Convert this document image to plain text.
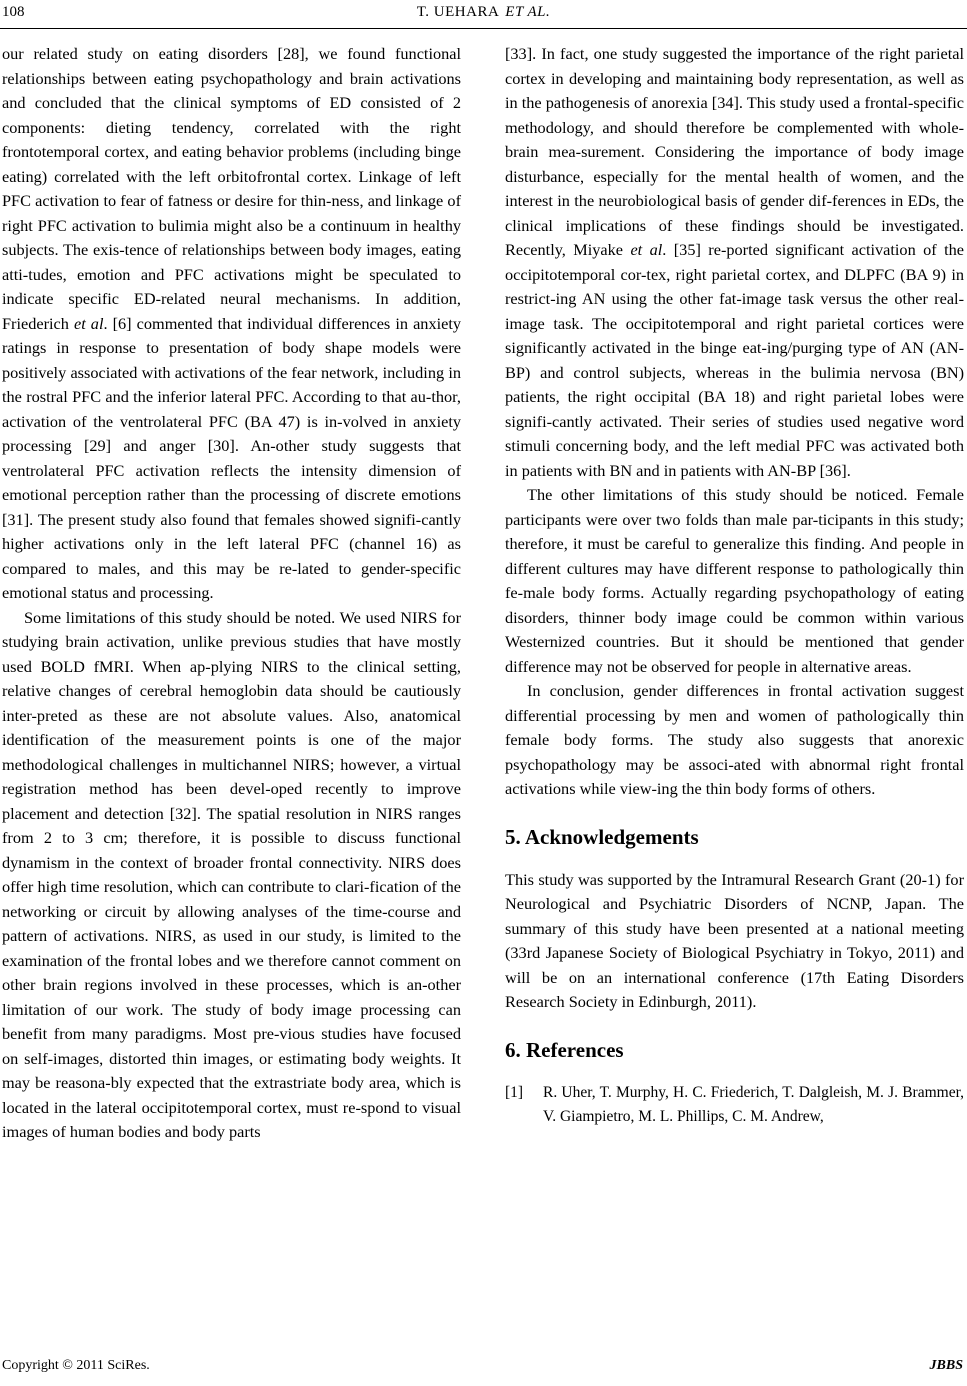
108	T. UEHARA ET AL.

our related study on eating disorders [28], we found functional relationships between eating psychopathology and brain activations and concluded that the clinical symptoms of ED consisted of 2 components: dieting tendency, correlated with the right frontotemporal cortex, and eating behavior problems (including binge eating) correlated with the left orbitofrontal cortex. Linkage of left PFC activation to fear of fatness or desire for thin-ness, and linkage of right PFC activation to bulimia might also be a continuum in healthy subjects. The exis-tence of relationships between body images, eating atti-tudes, emotion and PFC activations might be speculated to indicate specific ED-related neural mechanisms. In addition, Friederich et al. [6] commented that individual differences in anxiety ratings in response to presentation of body shape models were positively associated with activations of the fear network, including in the rostral PFC and the inferior lateral PFC. According to that au-thor, activation of the ventrolateral PFC (BA 47) is in-volved in anxiety processing [29] and anger [30]. An-other study suggests that ventrolateral PFC activation reflects the intensity dimension of emotional perception rather than the processing of discrete emotions [31]. The present study also found that females showed signifi-cantly higher activations only in the left lateral PFC (channel 16) as compared to males, and this may be re-lated to gender-specific emotional status and processing.

Some limitations of this study should be noted. We used NIRS for studying brain activation, unlike previous studies that have mostly used BOLD fMRI. When ap-plying NIRS to the clinical setting, relative changes of cerebral hemoglobin data should be cautiously inter-preted as these are not absolute values. Also, anatomical identification of the measurement points is one of the major methodological challenges in multichannel NIRS; however, a virtual registration method has been devel-oped recently to improve placement and detection [32]. The spatial resolution in NIRS ranges from 2 to 3 cm; therefore, it is possible to discuss functional dynamism in the context of broader frontal connectivity. NIRS does offer high time resolution, which can contribute to clari-fication of the networking or circuit by allowing analyses of the time-course and pattern of activations. NIRS, as used in our study, is limited to the examination of the frontal lobes and we therefore cannot comment on other brain regions involved in these processes, which is an-other limitation of our work. The study of body image processing can benefit from many paradigms. Most pre-vious studies have focused on self-images, distorted thin images, or estimating body weights. It may be reasona-bly expected that the extrastriate body area, which is located in the lateral occipitotemporal cortex, must re-spond to visual images of human bodies and body parts

[33]. In fact, one study suggested the importance of the right parietal cortex in developing and maintaining body representation, as well as in the pathogenesis of anorexia [34]. This study used a frontal-specific methodology, and should therefore be complemented with whole-brain mea-surement. Considering the importance of body image disturbance, especially for the mental health of women, and the interest in the neurobiological basis of gender dif-ferences in EDs, the clinical implications of these findings should be investigated. Recently, Miyake et al. [35] re-ported significant activation of the occipitotemporal cor-tex, right parietal cortex, and DLPFC (BA 9) in restrict-ing AN using the other fat-image task versus the other real-image task. The occipitotemporal and right parietal cortices were significantly activated in the binge eat-ing/purging type of AN (AN-BP) and control subjects, whereas in the bulimia nervosa (BN) patients, the right occipital (BA 18) and right parietal lobes were signifi-cantly activated. Their series of studies used negative word stimuli concerning body, and the left medial PFC was activated both in patients with BN and in patients with AN-BP [36].

The other limitations of this study should be noticed. Female participants were over two folds than male par-ticipants in this study; therefore, it must be careful to generalize this finding. And people in different cultures may have different response to pathologically thin fe-male body forms. Actually regarding psychopathology of eating disorders, thinner body image could be common within various Westernized countries. But it should be mentioned that gender difference may not be observed for people in alternative areas.

In conclusion, gender differences in frontal activation suggest differential processing by men and women of pathologically thin female body forms. The study also suggests that anorexic psychopathology may be associ-ated with abnormal right frontal activations while view-ing the thin body forms of others.

5. Acknowledgements

This study was supported by the Intramural Research Grant (20-1) for Neurological and Psychiatric Disorders of NCNP, Japan. The summary of this study have been presented at a national meeting (33rd Japanese Society of Biological Psychiatry in Tokyo, 2011) and will be on an international conference (17th Eating Disorders Research Society in Edinburgh, 2011).

6. References
[1]	R. Uher, T. Murphy, H. C. Friederich, T. Dalgleish, M. J. Brammer, V. Giampietro, M. L. Phillips, C. M. Andrew,
Copyright © 2011 SciRes.	JBBS
